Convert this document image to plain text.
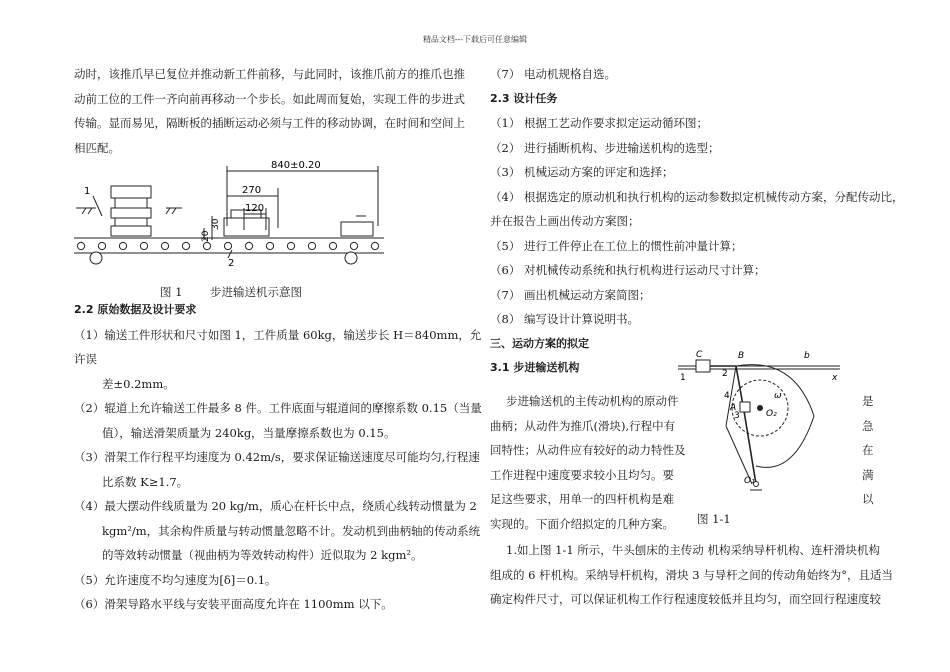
精品文档---下载后可任意编辑

动时，该推爪早已复位并推动新工件前移，与此同时，该推爪前方的推爪也推

动前工位的工件一齐向前再移动一个步长。如此周而复始，实现工件的步进式

传输。显而易见，隔断板的插断运动必须与工件的移动协调，在时间和空间上

相匹配。

840±0.20
270
120
30
20
1
2
图 1 步进输送机示意图

2.2 原始数据及设计要求

（1）输送工件形状和尺寸如图 1，工件质量 60kg，输送步长 H＝840mm，允许误

差±0.2mm。

（2）辊道上允许输送工件最多 8 件。工件底面与辊道间的摩擦系数 0.15（当量

值），输送滑架质量为 240kg，当量摩擦系数也为 0.15。

（3）滑架工作行程平均速度为 0.42m/s，要求保证输送速度尽可能均匀,行程速

比系数 K≥1.7。

（4）最大摆动件线质量为 20 kg/m，质心在杆长中点，绕质心线转动惯量为 2

kgm²/m，其余构件质量与转动惯量忽略不计。发动机到曲柄轴的传动系统

的等效转动惯量（视曲柄为等效转动构件）近似取为 2 kgm²。

（5）允许速度不均匀速度为[δ]＝0.1。

（6）滑架导路水平线与安装平面高度允许在 1100mm 以下。

（7） 电动机规格自选。

2.3 设计任务

（1） 根据工艺动作要求拟定运动循环图；

（2） 进行插断机构、步进输送机构的选型；

（3） 机械运动方案的评定和选择；

（4） 根据选定的原动机和执行机构的运动参数拟定机械传动方案，分配传动比，

并在报告上画出传动方案图；

（5） 进行工件停止在工位上的惯性前冲量计算；

（6） 对机械传动系统和执行机构进行运动尺寸计算；

（7） 画出机械运动方案简图；

（8） 编写设计计算说明书。

三、运动方案的拟定

3.1 步进输送机构

步进输送机的主传动机构的原动件

曲柄；从动件为推爪(滑块),行程中有

回特性；从动件应有较好的动力特性及

工作进程中速度要求较小且均匀。要

足这些要求，用单一的四杆机构是难

实现的。下面介绍拟定的几种方案。

是

急

在

满

以

图 1-1
C	B	b
x
1	2
3
4
A
O₁
O₂
ω

1.如上图 1-1 所示，牛头刨床的主传动 机构采纳导杆机构、连杆滑块机构

组成的 6 杆机构。采纳导杆机构，滑块 3 与导杆之间的传动角始终为°，且适当

确定构件尺寸，可以保证机构工作行程速度较低并且均匀，而空回行程速度较
